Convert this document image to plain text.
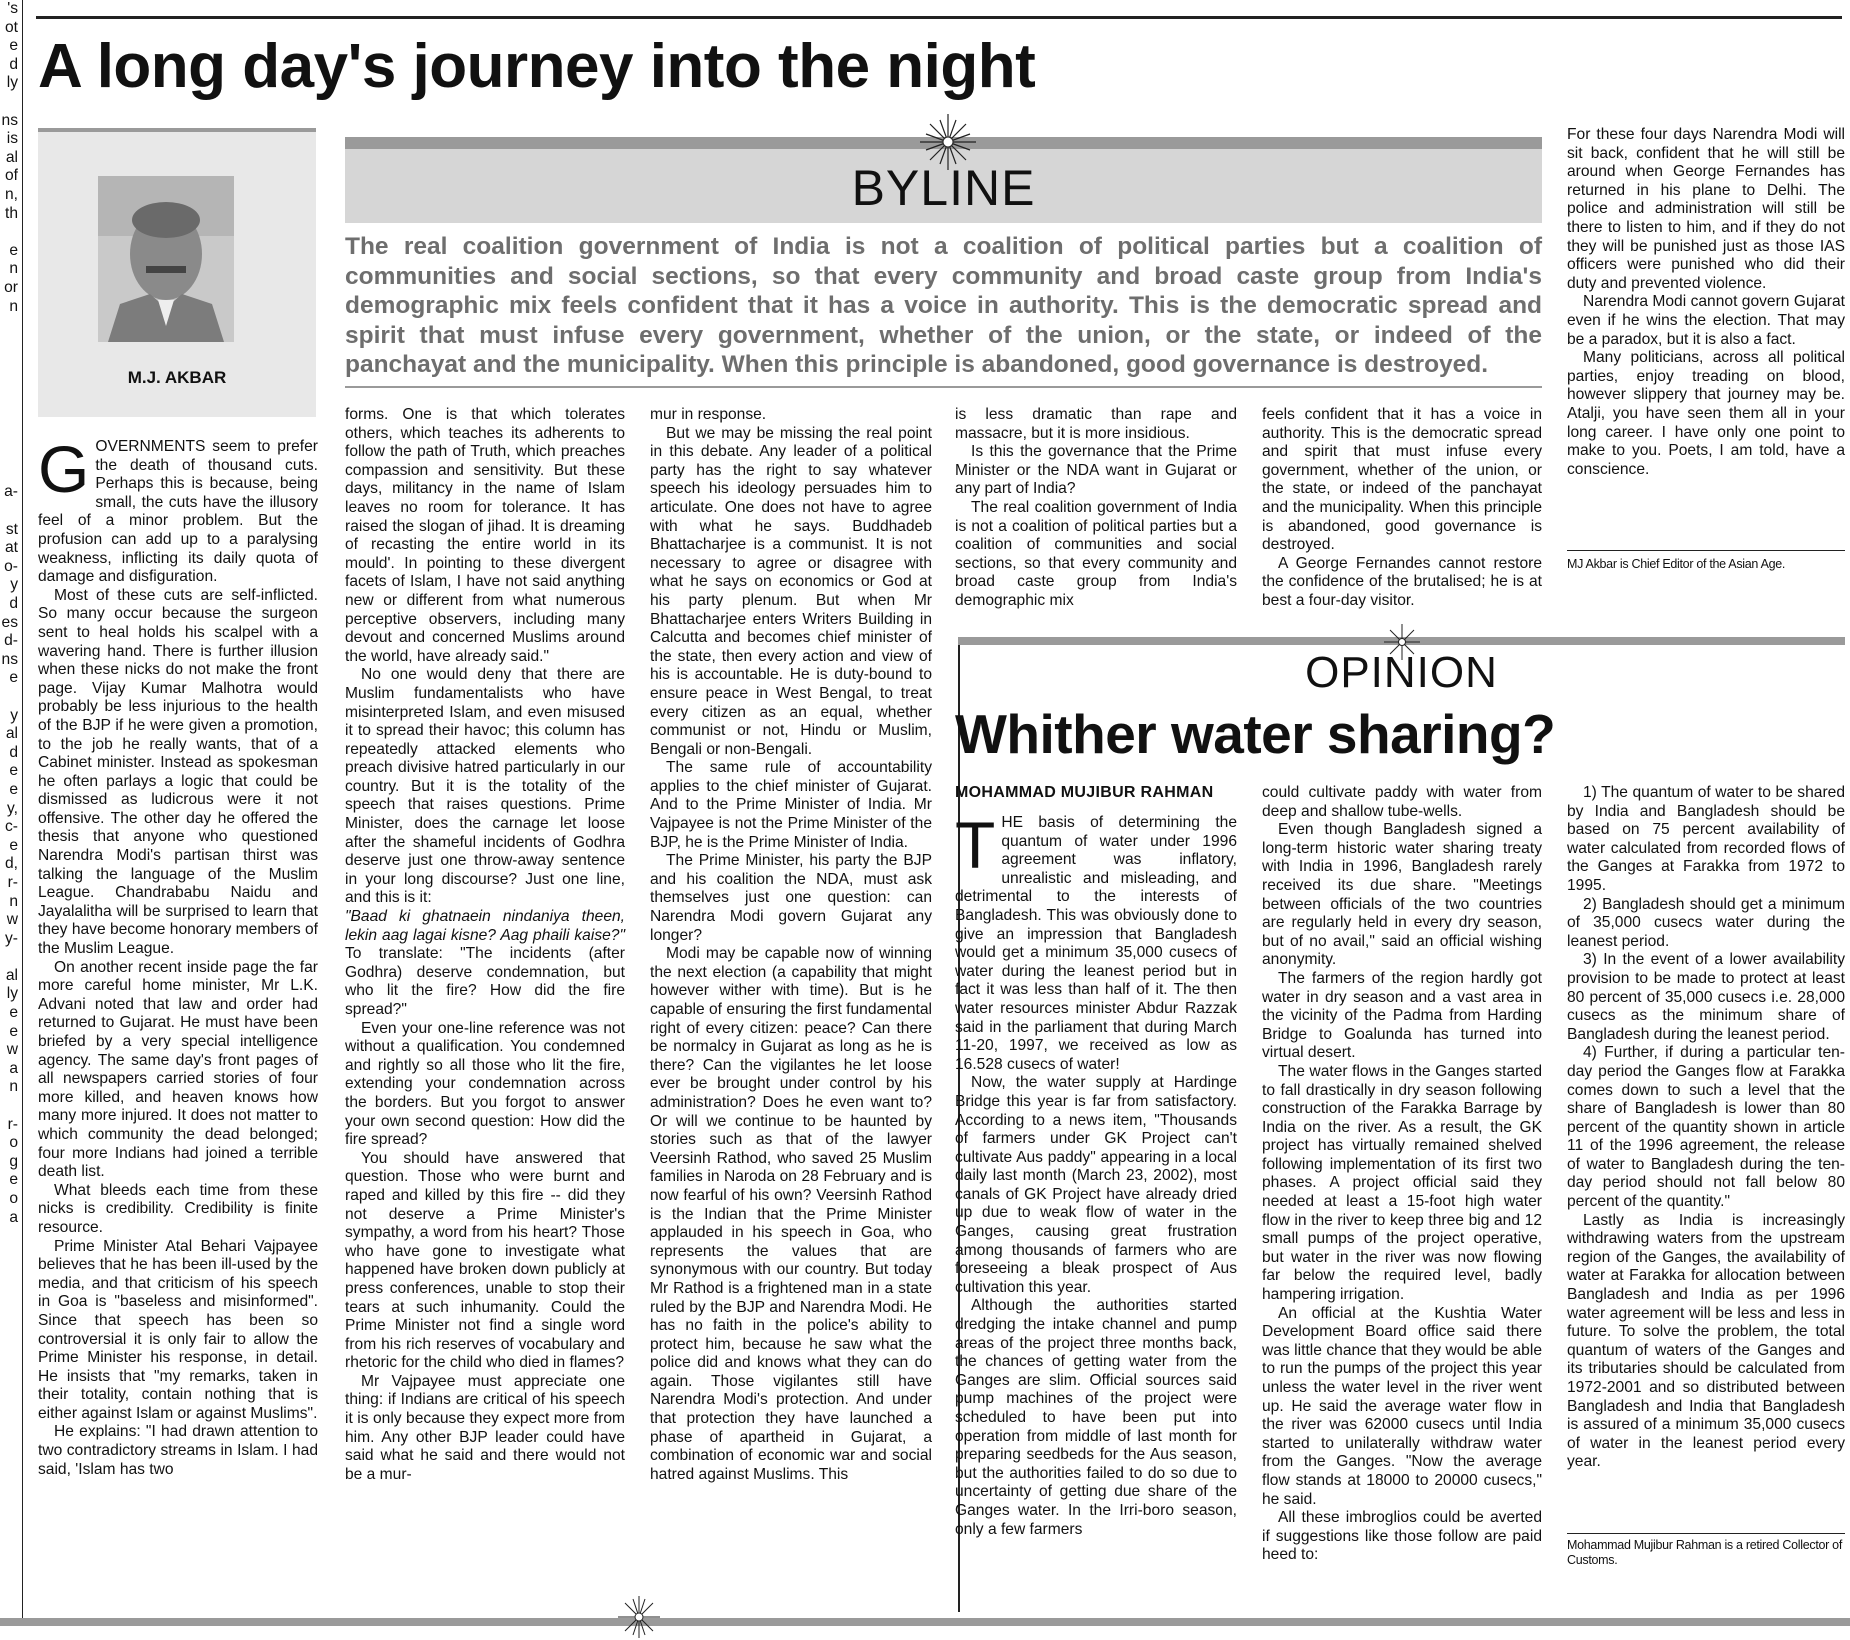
's
ot
e
d
ly

ns
is
al
of
n,
th

e
n
or
n

a-

st
at
o-
y
d
es
d-
ns
e

y
al
d
e
e
y,
c-
e
d,
r-
n
w
y-

al
ly
e
e
w
a
n

r-
o
g
e
o
a
A long day's journey into the night
M.J. AKBAR
BYLINE
The real coalition government of India is not a coalition of political parties but a coalition of communities and social sections, so that every community and broad caste group from India's demographic mix feels confident that it has a voice in authority. This is the democratic spread and spirit that must infuse every government, whether of the union, or the state, or indeed of the panchayat and the municipality. When this principle is abandoned, good governance is destroyed.

GOVERNMENTS seem to prefer the death of thousand cuts. Perhaps this is because, being small, the cuts have the illusory feel of a minor problem. But the profusion can add up to a paralysing weakness, inflicting its daily quota of damage and disfiguration.

Most of these cuts are self-inflicted. So many occur because the surgeon sent to heal holds his scalpel with a wavering hand. There is further illusion when these nicks do not make the front page. Vijay Kumar Malhotra would probably be less injurious to the health of the BJP if he were given a promotion, to the job he really wants, that of a Cabinet minister. Instead as spokesman he often parlays a logic that could be dismissed as ludicrous were it not offensive. The other day he offered the thesis that anyone who questioned Narendra Modi's partisan thirst was talking the language of the Muslim League. Chandrababu Naidu and Jayalalitha will be surprised to learn that they have become honorary members of the Muslim League.

On another recent inside page the far more careful home minister, Mr L.K. Advani noted that law and order had returned to Gujarat. He must have been briefed by a very special intelligence agency. The same day's front pages of all newspapers carried stories of four more killed, and heaven knows how many more injured. It does not matter to which community the dead belonged; four more Indians had joined a terrible death list.

What bleeds each time from these nicks is credibility. Credibility is finite resource.

Prime Minister Atal Behari Vajpayee believes that he has been ill-used by the media, and that criticism of his speech in Goa is "baseless and misinformed". Since that speech has been so controversial it is only fair to allow the Prime Minister his response, in detail. He insists that "my remarks, taken in their totality, contain nothing that is either against Islam or against Muslims".

He explains: "I had drawn attention to two contradictory streams in Islam. I had said, 'Islam has two

forms. One is that which tolerates others, which teaches its adherents to follow the path of Truth, which preaches compassion and sensitivity. But these days, militancy in the name of Islam leaves no room for tolerance. It has raised the slogan of jihad. It is dreaming of recasting the entire world in its mould'. In pointing to these divergent facets of Islam, I have not said anything new or different from what numerous perceptive observers, including many devout and concerned Muslims around the world, have already said."

No one would deny that there are Muslim fundamentalists who have misinterpreted Islam, and even misused it to spread their havoc; this column has repeatedly attacked elements who preach divisive hatred particularly in our country. But it is the totality of the speech that raises questions. Prime Minister, does the carnage let loose after the shameful incidents of Godhra deserve just one throw-away sentence in your long discourse? Just one line, and this is it:

"Baad ki ghatnaein nindaniya theen, lekin aag lagai kisne? Aag phaili kaise?" To translate: "The incidents (after Godhra) deserve condemnation, but who lit the fire? How did the fire spread?"

Even your one-line reference was not without a qualification. You condemned and rightly so all those who lit the fire, extending your condemnation across the borders. But you forgot to answer your own second question: How did the fire spread?

You should have answered that question. Those who were burnt and raped and killed by this fire -- did they not deserve a Prime Minister's sympathy, a word from his heart? Those who have gone to investigate what happened have broken down publicly at press conferences, unable to stop their tears at such inhumanity. Could the Prime Minister not find a single word from his rich reserves of vocabulary and rhetoric for the child who died in flames?

Mr Vajpayee must appreciate one thing: if Indians are critical of his speech it is only because they expect more from him. Any other BJP leader could have said what he said and there would not be a mur-

mur in response.

But we may be missing the real point in this debate. Any leader of a political party has the right to say whatever speech his ideology persuades him to articulate. One does not have to agree with what he says. Buddhadeb Bhattacharjee is a communist. It is not necessary to agree or disagree with what he says on economics or God at his party plenum. But when Mr Bhattacharjee enters Writers Building in Calcutta and becomes chief minister of the state, then every action and view of his is accountable. He is duty-bound to ensure peace in West Bengal, to treat every citizen as an equal, whether communist or not, Hindu or Muslim, Bengali or non-Bengali.

The same rule of accountability applies to the chief minister of Gujarat. And to the Prime Minister of India. Mr Vajpayee is not the Prime Minister of the BJP, he is the Prime Minister of India.

The Prime Minister, his party the BJP and his coalition the NDA, must ask themselves just one question: can Narendra Modi govern Gujarat any longer?

Modi may be capable now of winning the next election (a capability that might however wither with time). But is he capable of ensuring the first fundamental right of every citizen: peace? Can there be normalcy in Gujarat as long as he is there? Can the vigilantes he let loose ever be brought under control by his administration? Does he even want to? Or will we continue to be haunted by stories such as that of the lawyer Veersinh Rathod, who saved 25 Muslim families in Naroda on 28 February and is now fearful of his own? Veersinh Rathod is the Indian that the Prime Minister applauded in his speech in Goa, who represents the values that are synonymous with our country. But today Mr Rathod is a frightened man in a state ruled by the BJP and Narendra Modi. He has no faith in the police's ability to protect him, because he saw what the police did and knows what they can do again. Those vigilantes still have Narendra Modi's protection. And under that protection they have launched a phase of apartheid in Gujarat, a combination of economic war and social hatred against Muslims. This

is less dramatic than rape and massacre, but it is more insidious.

Is this the governance that the Prime Minister or the NDA want in Gujarat or any part of India?

The real coalition government of India is not a coalition of political parties but a coalition of communities and social sections, so that every community and broad caste group from India's demographic mix

feels confident that it has a voice in authority. This is the democratic spread and spirit that must infuse every government, whether of the union, or the state, or indeed of the panchayat and the municipality. When this principle is abandoned, good governance is destroyed.

A George Fernandes cannot restore the confidence of the brutalised; he is at best a four-day visitor.

For these four days Narendra Modi will sit back, confident that he will still be around when George Fernandes has returned in his plane to Delhi. The police and administration will still be there to listen to him, and if they do not they will be punished just as those IAS officers were punished who did their duty and prevented violence.

Narendra Modi cannot govern Gujarat even if he wins the election. That may be a paradox, but it is also a fact.

Many politicians, across all political parties, enjoy treading on blood, however slippery that journey may be. Atalji, you have seen them all in your long career. I have only one point to make to you. Poets, I am told, have a conscience.

MJ Akbar is Chief Editor of the Asian Age.
OPINION
Whither water sharing?
MOHAMMAD MUJIBUR RAHMAN

THE basis of determining the quantum of water under 1996 agreement was inflatory, unrealistic and misleading, and detrimental to the interests of Bangladesh. This was obviously done to give an impression that Bangladesh would get a minimum 35,000 cusecs of water during the leanest period but in fact it was less than half of it. The then water resources minister Abdur Razzak said in the parliament that during March 11-20, 1997, we received as low as 16.528 cusecs of water!

Now, the water supply at Hardinge Bridge this year is far from satisfactory. According to a news item, "Thousands of farmers under GK Project can't cultivate Aus paddy" appearing in a local daily last month (March 23, 2002), most canals of GK Project have already dried up due to weak flow of water in the Ganges, causing great frustration among thousands of farmers who are foreseeing a bleak prospect of Aus cultivation this year.

Although the authorities started dredging the intake channel and pump areas of the project three months back, the chances of getting water from the Ganges are slim. Official sources said pump machines of the project were scheduled to have been put into operation from middle of last month for preparing seedbeds for the Aus season, but the authorities failed to do so due to uncertainty of getting due share of the Ganges water. In the Irri-boro season, only a few farmers

could cultivate paddy with water from deep and shallow tube-wells.

Even though Bangladesh signed a long-term historic water sharing treaty with India in 1996, Bangladesh rarely received its due share. "Meetings between officials of the two countries are regularly held in every dry season, but of no avail," said an official wishing anonymity.

The farmers of the region hardly got water in dry season and a vast area in the vicinity of the Padma from Harding Bridge to Goalunda has turned into virtual desert.

The water flows in the Ganges started to fall drastically in dry season following construction of the Farakka Barrage by India on the river. As a result, the GK project has virtually remained shelved following implementation of its first two phases. A project official said they needed at least a 15-foot high water flow in the river to keep three big and 12 small pumps of the project operative, but water in the river was now flowing far below the required level, badly hampering irrigation.

An official at the Kushtia Water Development Board office said there was little chance that they would be able to run the pumps of the project this year unless the water level in the river went up. He said the average water flow in the river was 62000 cusecs until India started to unilaterally withdraw water from the Ganges. "Now the average flow stands at 18000 to 20000 cusecs," he said.

All these imbroglios could be averted if suggestions like those follow are paid heed to:

1) The quantum of water to be shared by India and Bangladesh should be based on 75 percent availability of water calculated from recorded flows of the Ganges at Farakka from 1972 to 1995.

2) Bangladesh should get a minimum of 35,000 cusecs water during the leanest period.

3) In the event of a lower availability provision to be made to protect at least 80 percent of 35,000 cusecs i.e. 28,000 cusecs as the minimum share of Bangladesh during the leanest period.

4) Further, if during a particular ten-day period the Ganges flow at Farakka comes down to such a level that the share of Bangladesh is lower than 80 percent of the quantity shown in article 11 of the 1996 agreement, the release of water to Bangladesh during the ten-day period should not fall below 80 percent of the quantity."

Lastly as India is increasingly withdrawing waters from the upstream region of the Ganges, the availability of water at Farakka for allocation between Bangladesh and India as per 1996 water agreement will be less and less in future. To solve the problem, the total quantum of waters of the Ganges and its tributaries should be calculated from 1972-2001 and so distributed between Bangladesh and India that Bangladesh is assured of a minimum 35,000 cusecs of water in the leanest period every year.

Mohammad Mujibur Rahman is a retired Collector of Customs.
